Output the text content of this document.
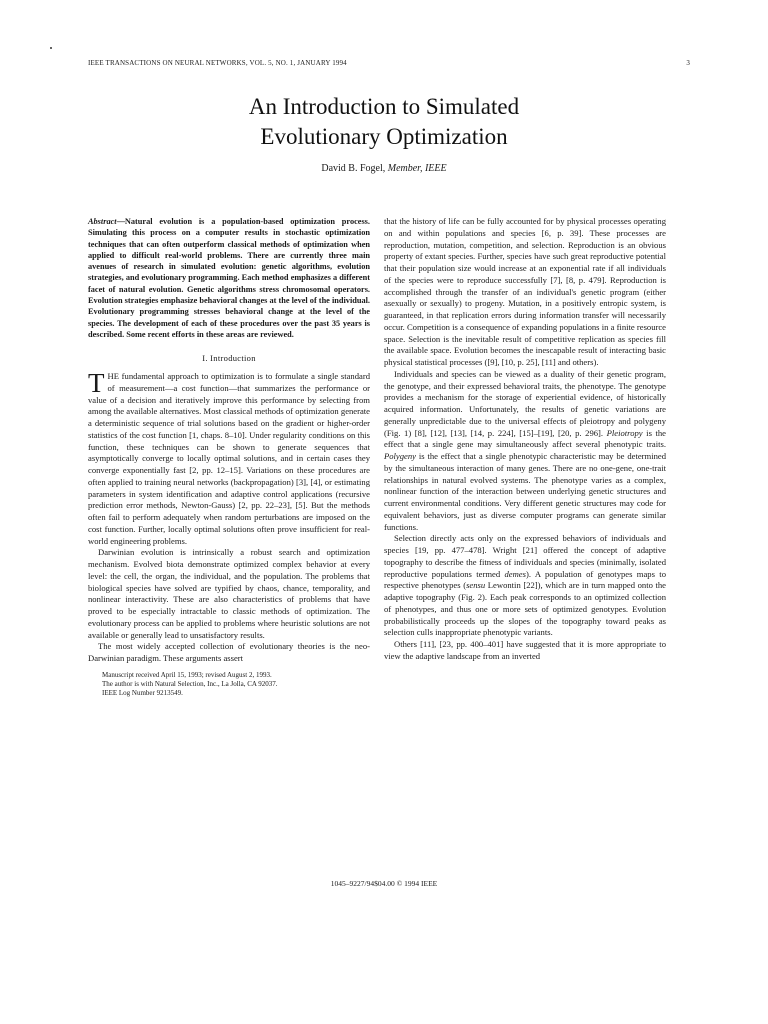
IEEE TRANSACTIONS ON NEURAL NETWORKS, VOL. 5, NO. 1, JANUARY 1994	3
An Introduction to Simulated
Evolutionary Optimization
David B. Fogel, Member, IEEE

Abstract—Natural evolution is a population-based optimization process. Simulating this process on a computer results in stochastic optimization techniques that can often outperform classical methods of optimization when applied to difficult real-world problems. There are currently three main avenues of research in simulated evolution: genetic algorithms, evolution strategies, and evolutionary programming. Each method emphasizes a different facet of natural evolution. Genetic algorithms stress chromosomal operators. Evolution strategies emphasize behavioral changes at the level of the individual. Evolutionary programming stresses behavioral change at the level of the species. The development of each of these procedures over the past 35 years is described. Some recent efforts in these areas are reviewed.

I. Introduction

THE fundamental approach to optimization is to formulate a single standard of measurement—a cost function—that summarizes the performance or value of a decision and iteratively improve this performance by selecting from among the available alternatives. Most classical methods of optimization generate a deterministic sequence of trial solutions based on the gradient or higher-order statistics of the cost function [1, chaps. 8–10]. Under regularity conditions on this function, these techniques can be shown to generate sequences that asymptotically converge to locally optimal solutions, and in certain cases they converge exponentially fast [2, pp. 12–15]. Variations on these procedures are often applied to training neural networks (backpropagation) [3], [4], or estimating parameters in system identification and adaptive control applications (recursive prediction error methods, Newton-Gauss) [2, pp. 22–23], [5]. But the methods often fail to perform adequately when random perturbations are imposed on the cost function. Further, locally optimal solutions often prove insufficient for real-world engineering problems.

Darwinian evolution is intrinsically a robust search and optimization mechanism. Evolved biota demonstrate optimized complex behavior at every level: the cell, the organ, the individual, and the population. The problems that biological species have solved are typified by chaos, chance, temporality, and nonlinear interactivity. These are also characteristics of problems that have proved to be especially intractable to classic methods of optimization. The evolutionary process can be applied to problems where heuristic solutions are not available or generally lead to unsatisfactory results.

The most widely accepted collection of evolutionary theories is the neo-Darwinian paradigm. These arguments assert

Manuscript received April 15, 1993; revised August 2, 1993.

The author is with Natural Selection, Inc., La Jolla, CA 92037.

IEEE Log Number 9213549.

that the history of life can be fully accounted for by physical processes operating on and within populations and species [6, p. 39]. These processes are reproduction, mutation, competition, and selection. Reproduction is an obvious property of extant species. Further, species have such great reproductive potential that their population size would increase at an exponential rate if all individuals of the species were to reproduce successfully [7], [8, p. 479]. Reproduction is accomplished through the transfer of an individual's genetic program (either asexually or sexually) to progeny. Mutation, in a positively entropic system, is guaranteed, in that replication errors during information transfer will necessarily occur. Competition is a consequence of expanding populations in a finite resource space. Selection is the inevitable result of competitive replication as species fill the available space. Evolution becomes the inescapable result of interacting basic physical statistical processes ([9], [10, p. 25], [11] and others).

Individuals and species can be viewed as a duality of their genetic program, the genotype, and their expressed behavioral traits, the phenotype. The genotype provides a mechanism for the storage of experiential evidence, of historically acquired information. Unfortunately, the results of genetic variations are generally unpredictable due to the universal effects of pleiotropy and polygeny (Fig. 1) [8], [12], [13], [14, p. 224], [15]–[19], [20, p. 296]. Pleiotropy is the effect that a single gene may simultaneously affect several phenotypic traits. Polygeny is the effect that a single phenotypic characteristic may be determined by the simultaneous interaction of many genes. There are no one-gene, one-trait relationships in natural evolved systems. The phenotype varies as a complex, nonlinear function of the interaction between underlying genetic structures and current environmental conditions. Very different genetic structures may code for equivalent behaviors, just as diverse computer programs can generate similar functions.

Selection directly acts only on the expressed behaviors of individuals and species [19, pp. 477–478]. Wright [21] offered the concept of adaptive topography to describe the fitness of individuals and species (minimally, isolated reproductive populations termed demes). A population of genotypes maps to respective phenotypes (sensu Lewontin [22]), which are in turn mapped onto the adaptive topography (Fig. 2). Each peak corresponds to an optimized collection of phenotypes, and thus one or more sets of optimized genotypes. Evolution probabilistically proceeds up the slopes of the topography toward peaks as selection culls inappropriate phenotypic variants.

Others [11], [23, pp. 400–401] have suggested that it is more appropriate to view the adaptive landscape from an inverted

1045–9227/94$04.00 © 1994 IEEE
